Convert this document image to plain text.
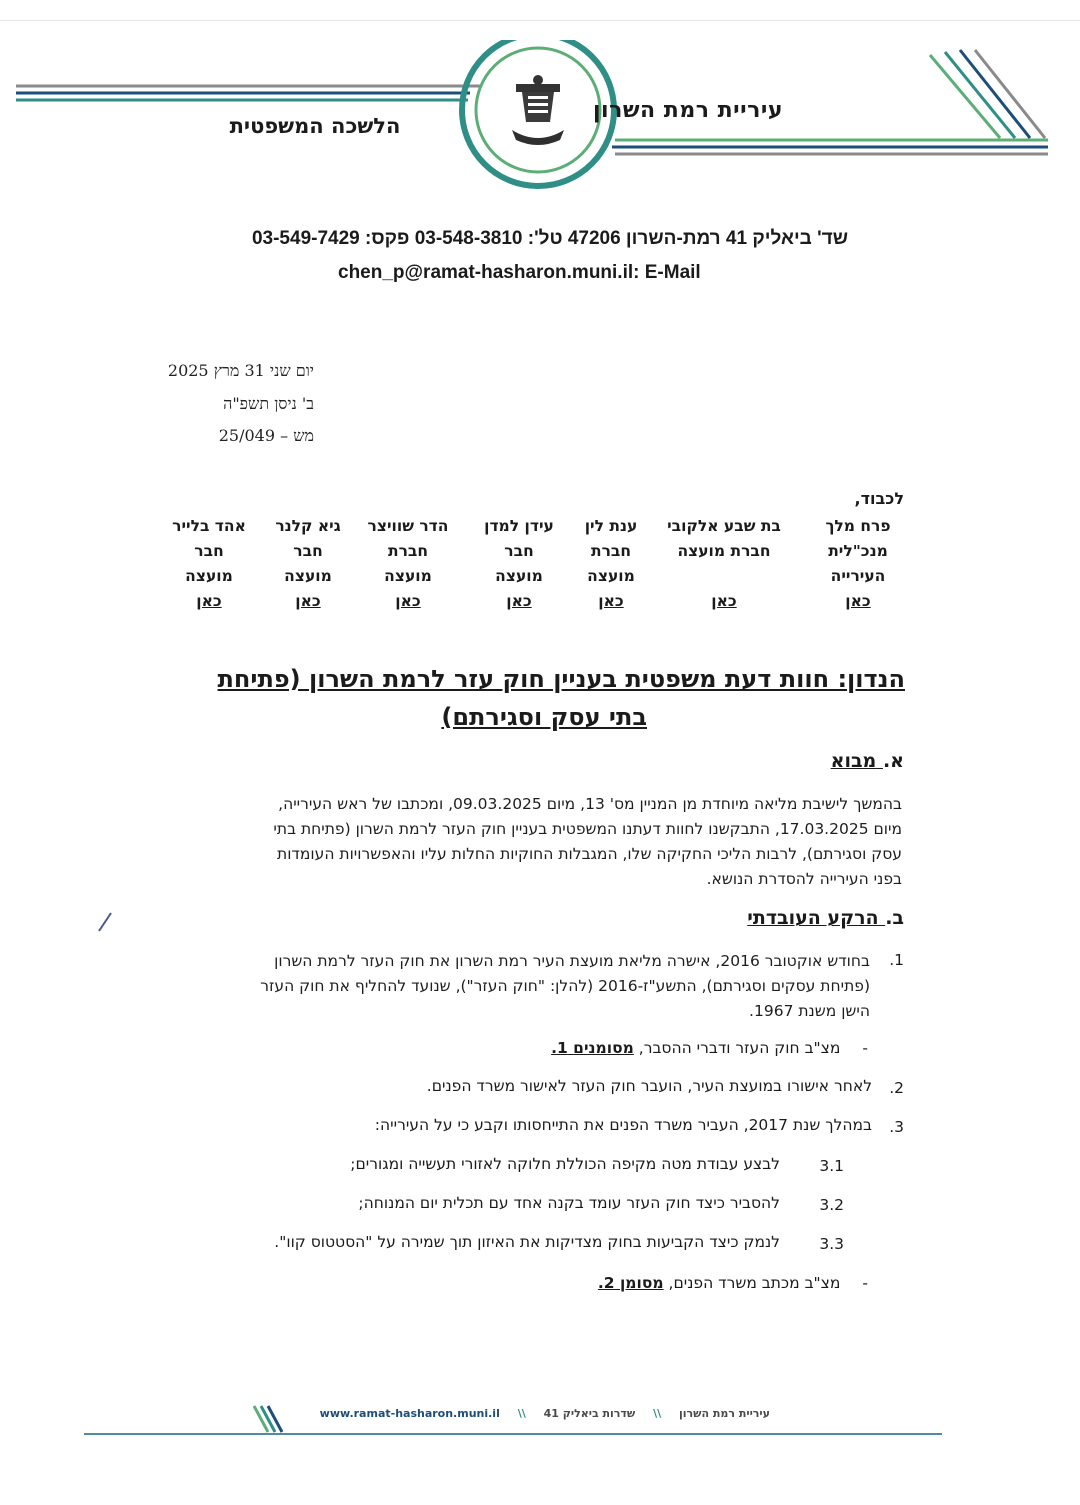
עיריית רמת השרון
הלשכה המשפטית
שד' ביאליק 41 רמת-השרון 47206 טל': 03-548-3810 פקס: 03-549-7429
chen_p@ramat-hasharon.muni.il: E-Mail
יום שני 31 מרץ 2025
ב' ניסן תשפ"ה
מש – 25/049
לכבוד,
פרח מלך
מנכ"לית
העירייה
כאן
בת שבע אלקובי
חברת מועצה

כאן
ענת לין
חברת
מועצה
כאן
עידן למדן
חבר
מועצה
כאן
הדר שוויצר
חברת
מועצה
כאן
גיא קלנר
חבר
מועצה
כאן
אהד בלייר
חבר
מועצה
כאן
הנדון: חוות דעת משפטית בעניין חוק עזר לרמת השרון (פתיחת
בתי עסק וסגירתם)
א. מבוא
בהמשך לישיבת מליאה מיוחדת מן המניין מס' 13, מיום 09.03.2025, ומכתבו של ראש העירייה,
מיום 17.03.2025, התבקשנו לחוות דעתנו המשפטית בעניין חוק העזר לרמת השרון (פתיחת בתי
עסק וסגירתם), לרבות הליכי החקיקה שלו, המגבלות החוקיות החלות עליו והאפשרויות העומדות
בפני העירייה להסדרת הנושא.
ב. הרקע העובדתי
1.
בחודש אוקטובר 2016, אישרה מליאת מועצת העיר רמת השרון את חוק העזר לרמת השרון
(פתיחת עסקים וסגירתם), התשע"ז-2016 (להלן: "חוק העזר"), שנועד להחליף את חוק העזר
הישן משנת 1967.
-מצ"ב חוק העזר ודברי ההסבר, מסומנים 1.
2.
לאחר אישורו במועצת העיר, הועבר חוק העזר לאישור משרד הפנים.
3.
במהלך שנת 2017, העביר משרד הפנים את התייחסותו וקבע כי על העירייה:
3.1
לבצע עבודת מטה מקיפה הכוללת חלוקה לאזורי תעשייה ומגורים;
3.2
להסביר כיצד חוק העזר עומד בקנה אחד עם תכלית יום המנוחה;
3.3
לנמק כיצד הקביעות בחוק מצדיקות את האיזון תוך שמירה על "הסטטוס קוו".
-מצ"ב מכתב משרד הפנים, מסומן 2.
עיריית רמת השרון \\ שדרות ביאליק 41 \\ www.ramat-hasharon.muni.il
